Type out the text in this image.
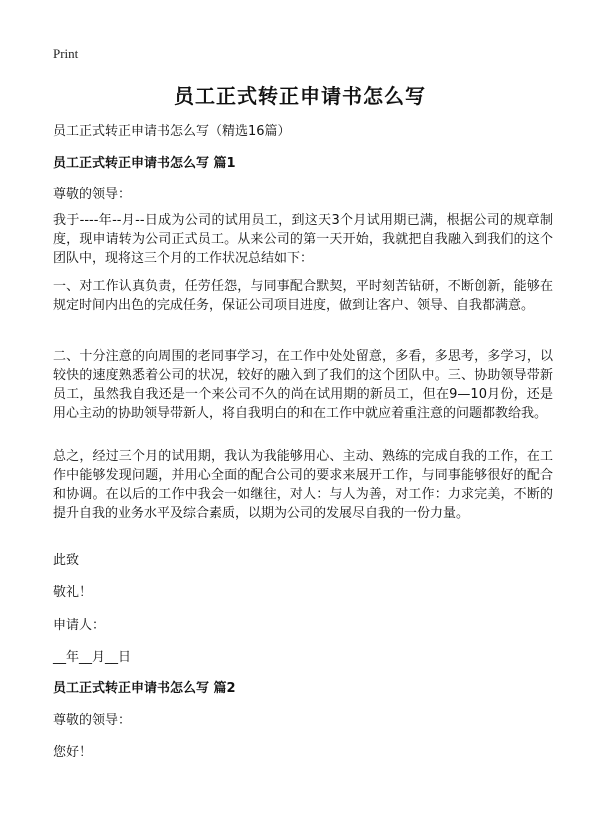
Print
员工正式转正申请书怎么写
员工正式转正申请书怎么写（精选16篇）
员工正式转正申请书怎么写 篇1
尊敬的领导：
我于----年--月--日成为公司的试用员工，到这天3个月试用期已满，根据公司的规章制度，现申请转为公司正式员工。从来公司的第一天开始，我就把自我融入到我们的这个团队中，现将这三个月的工作状况总结如下：
一、对工作认真负责，任劳任怨，与同事配合默契，平时刻苦钻研，不断创新，能够在规定时间内出色的完成任务，保证公司项目进度，做到让客户、领导、自我都满意。
二、十分注意的向周围的老同事学习，在工作中处处留意，多看，多思考，多学习，以较快的速度熟悉着公司的状况，较好的融入到了我们的这个团队中。三、协助领导带新员工，虽然我自我还是一个来公司不久的尚在试用期的新员工，但在9—10月份，还是用心主动的协助领导带新人，将自我明白的和在工作中就应着重注意的问题都教给我。
总之，经过三个月的试用期，我认为我能够用心、主动、熟练的完成自我的工作，在工作中能够发现问题，并用心全面的配合公司的要求来展开工作，与同事能够很好的配合和协调。在以后的工作中我会一如继往，对人：与人为善，对工作：力求完美，不断的提升自我的业务水平及综合素质，以期为公司的发展尽自我的一份力量。
此致
敬礼！
申请人：
__年__月__日
员工正式转正申请书怎么写 篇2
尊敬的领导：
您好！
